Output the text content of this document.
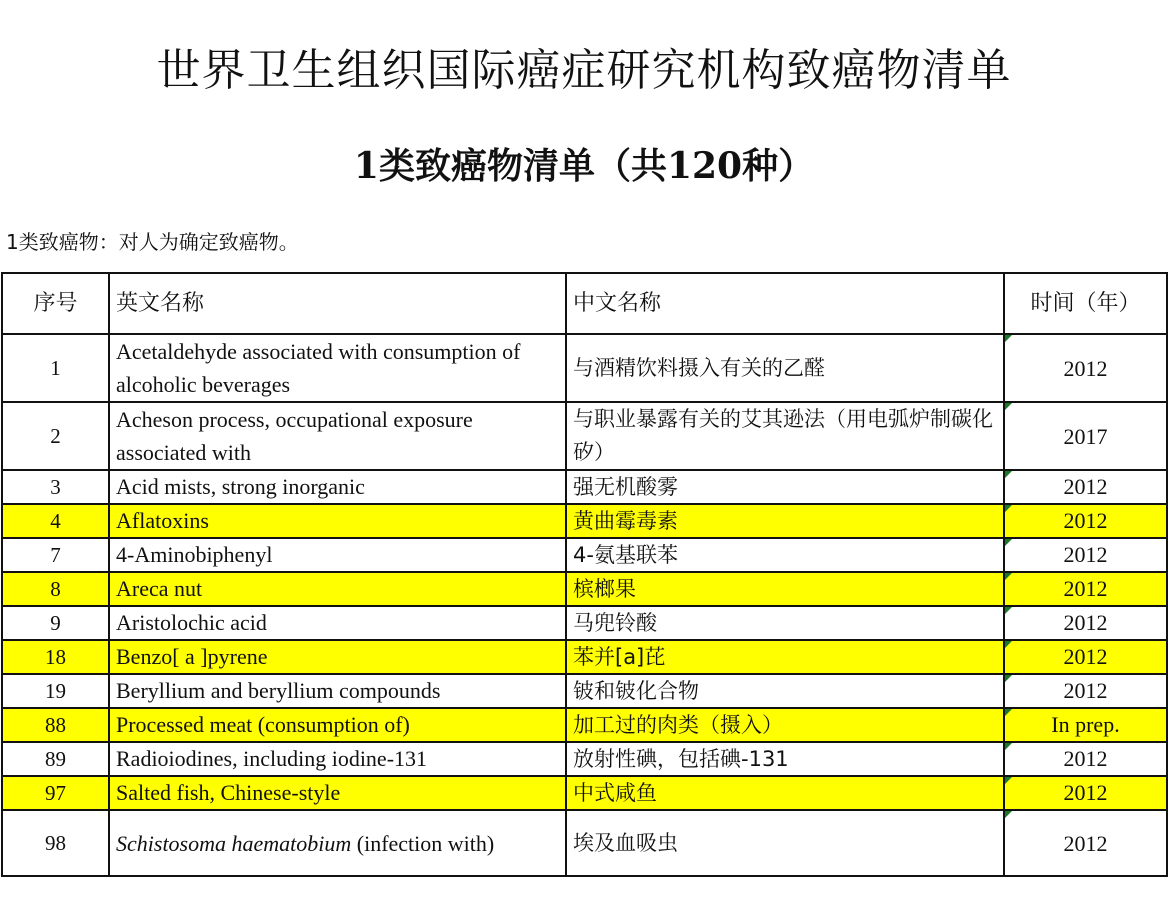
世界卫生组织国际癌症研究机构致癌物清单
1类致癌物清单（共120种）
1类致癌物：对人为确定致癌物。
序号	英文名称	中文名称	时间（年）
1	Acetaldehyde associated with consumption of alcoholic beverages	与酒精饮料摄入有关的乙醛	2012
2	Acheson process, occupational exposure associated with	与职业暴露有关的艾其逊法（用电弧炉制碳化矽）	2017
3	Acid mists, strong inorganic	强无机酸雾	2012
4	Aflatoxins	黄曲霉毒素	2012
7	4-Aminobiphenyl	4-氨基联苯	2012
8	Areca nut	槟榔果	2012
9	Aristolochic acid	马兜铃酸	2012
18	Benzo[ a ]pyrene	苯并[a]芘	2012
19	Beryllium and beryllium compounds	铍和铍化合物	2012
88	Processed meat (consumption of)	加工过的肉类（摄入）	In prep.
89	Radioiodines, including iodine-131	放射性碘，包括碘-131	2012
97	Salted fish, Chinese-style	中式咸鱼	2012
98	Schistosoma haematobium (infection with)	埃及血吸虫	2012
